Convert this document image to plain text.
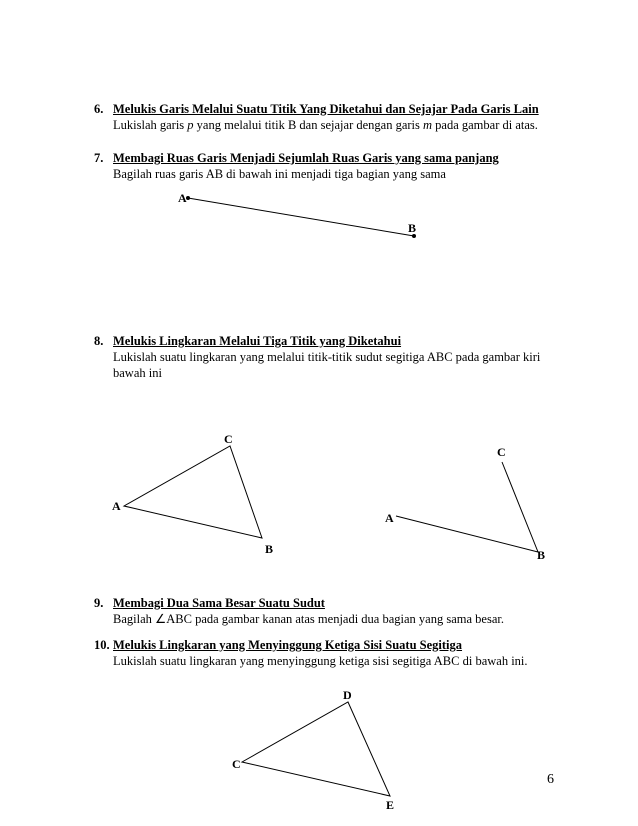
6. Melukis Garis Melalui Suatu Titik Yang Diketahui dan Sejajar Pada Garis Lain
Lukislah garis p yang melalui titik B dan sejajar dengan garis m pada gambar di atas.
7. Membagi Ruas Garis Menjadi Sejumlah Ruas Garis yang sama panjang
Bagilah ruas garis AB di bawah ini menjadi tiga bagian yang sama
8. Melukis Lingkaran Melalui Tiga Titik yang Diketahui
Lukislah suatu lingkaran yang melalui titik-titik sudut segitiga ABC pada gambar kiri bawah ini
9. Membagi Dua Sama Besar Suatu Sudut
Bagilah ∠ABC pada gambar kanan atas menjadi dua bagian yang sama besar.
10. Melukis Lingkaran yang Menyinggung Ketiga Sisi Suatu Segitiga
Lukislah suatu lingkaran yang menyinggung ketiga sisi segitiga ABC di bawah ini.
A
B
A
B
C
A
B
C
C
D
E
6
